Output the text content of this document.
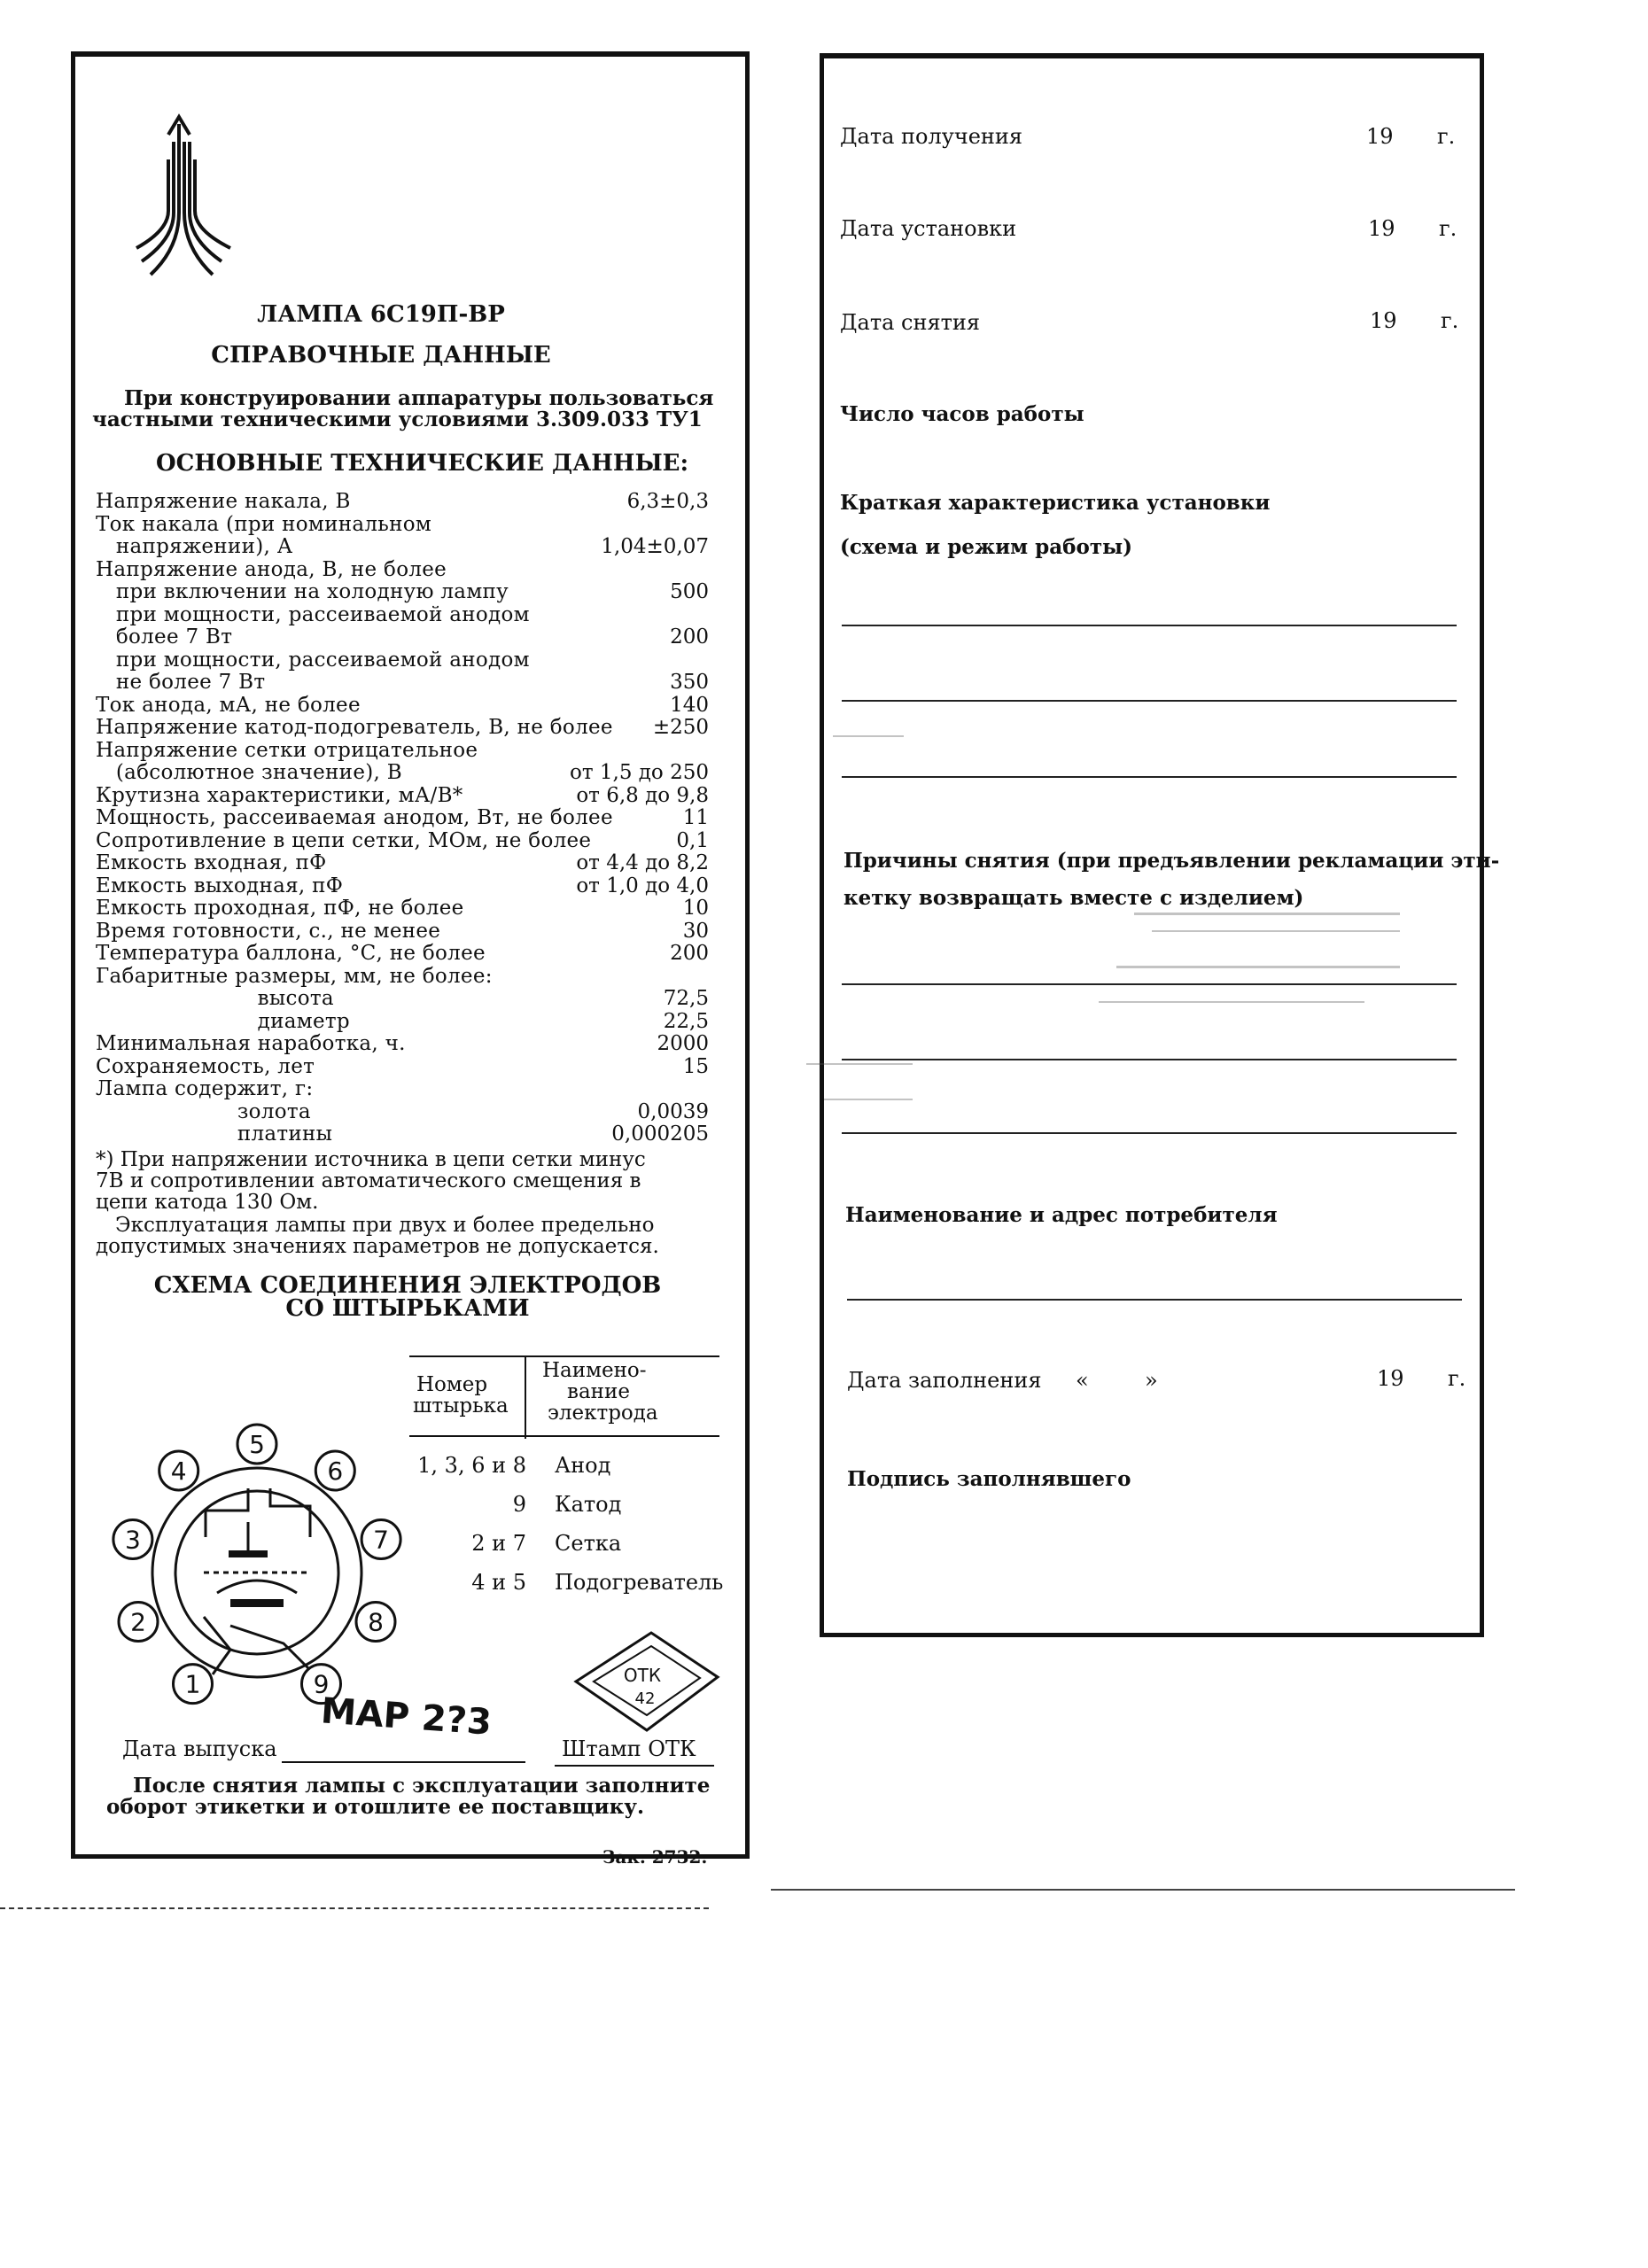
ЛАМПА 6С19П-ВР
СПРАВОЧНЫЕ ДАННЫЕ
При конструировании аппаратуры пользоваться
частными техническими условиями 3.309.033 ТУ1
ОСНОВНЫЕ ТЕХНИЧЕСКИЕ ДАННЫЕ:
Напряжение накала, В	6,3±0,3
Ток накала (при номинальном
напряжении), А	1,04±0,07
Напряжение анода, В, не более
при включении на холодную лампу	500
при мощности, рассеиваемой анодом
более 7 Вт	200
при мощности, рассеиваемой анодом
не более 7 Вт	350
Ток анода, мА, не более	140
Напряжение катод-подогреватель, В, не более ±250
Напряжение сетки отрицательное
(абсолютное значение), В	от 1,5 до 250
Крутизна характеристики, мА/В*	от 6,8 до 9,8
Мощность, рассеиваемая анодом, Вт, не более	11
Сопротивление в цепи сетки, МОм, не более	0,1
Емкость входная, пФ	от 4,4 до 8,2
Емкость выходная, пФ	от 1,0 до 4,0
Емкость проходная, пФ, не более	10
Время готовности, с., не менее	30
Температура баллона, °С, не более	200
Габаритные размеры, мм, не более:
высота	72,5
диаметр	22,5
Минимальная наработка, ч.	2000
Сохраняемость, лет	15
Лампа содержит, г:
золота	0,0039
платины	0,000205
*) При напряжении источника в цепи сетки минус
7В и сопротивлении автоматического смещения в
цепи катода 130 Ом.
Эксплуатация лампы при двух и более предельно
допустимых значениях параметров не допускается.
СХЕМА СОЕДИНЕНИЯ ЭЛЕКТРОДОВ
СО ШТЫРЬКАМИ
Номер
штырька
Наимено-
вание
электрода
1, 3, 6 и 8 Анод
9 Катод
2 и 7 Сетка
4 и 5 Подогреватель
5
6
7
8
9
1
2
3
4
Дата выпуска
МАР 2?3
ОТК
42
Штамп ОТК
После снятия лампы с эксплуатации заполните
оборот этикетки и отошлите ее поставщику.
Зак. 2732.
Дата получения	19 г.
Дата установки	19 г.
Дата снятия	19 г.
Число часов работы
Краткая характеристика установки
(схема и режим работы)
Причины снятия (при предъявлении рекламации эти-
кетку возвращать вместе с изделием)
Наименование и адрес потребителя
Дата заполнения «	»	19 г.
Подпись заполнявшего
